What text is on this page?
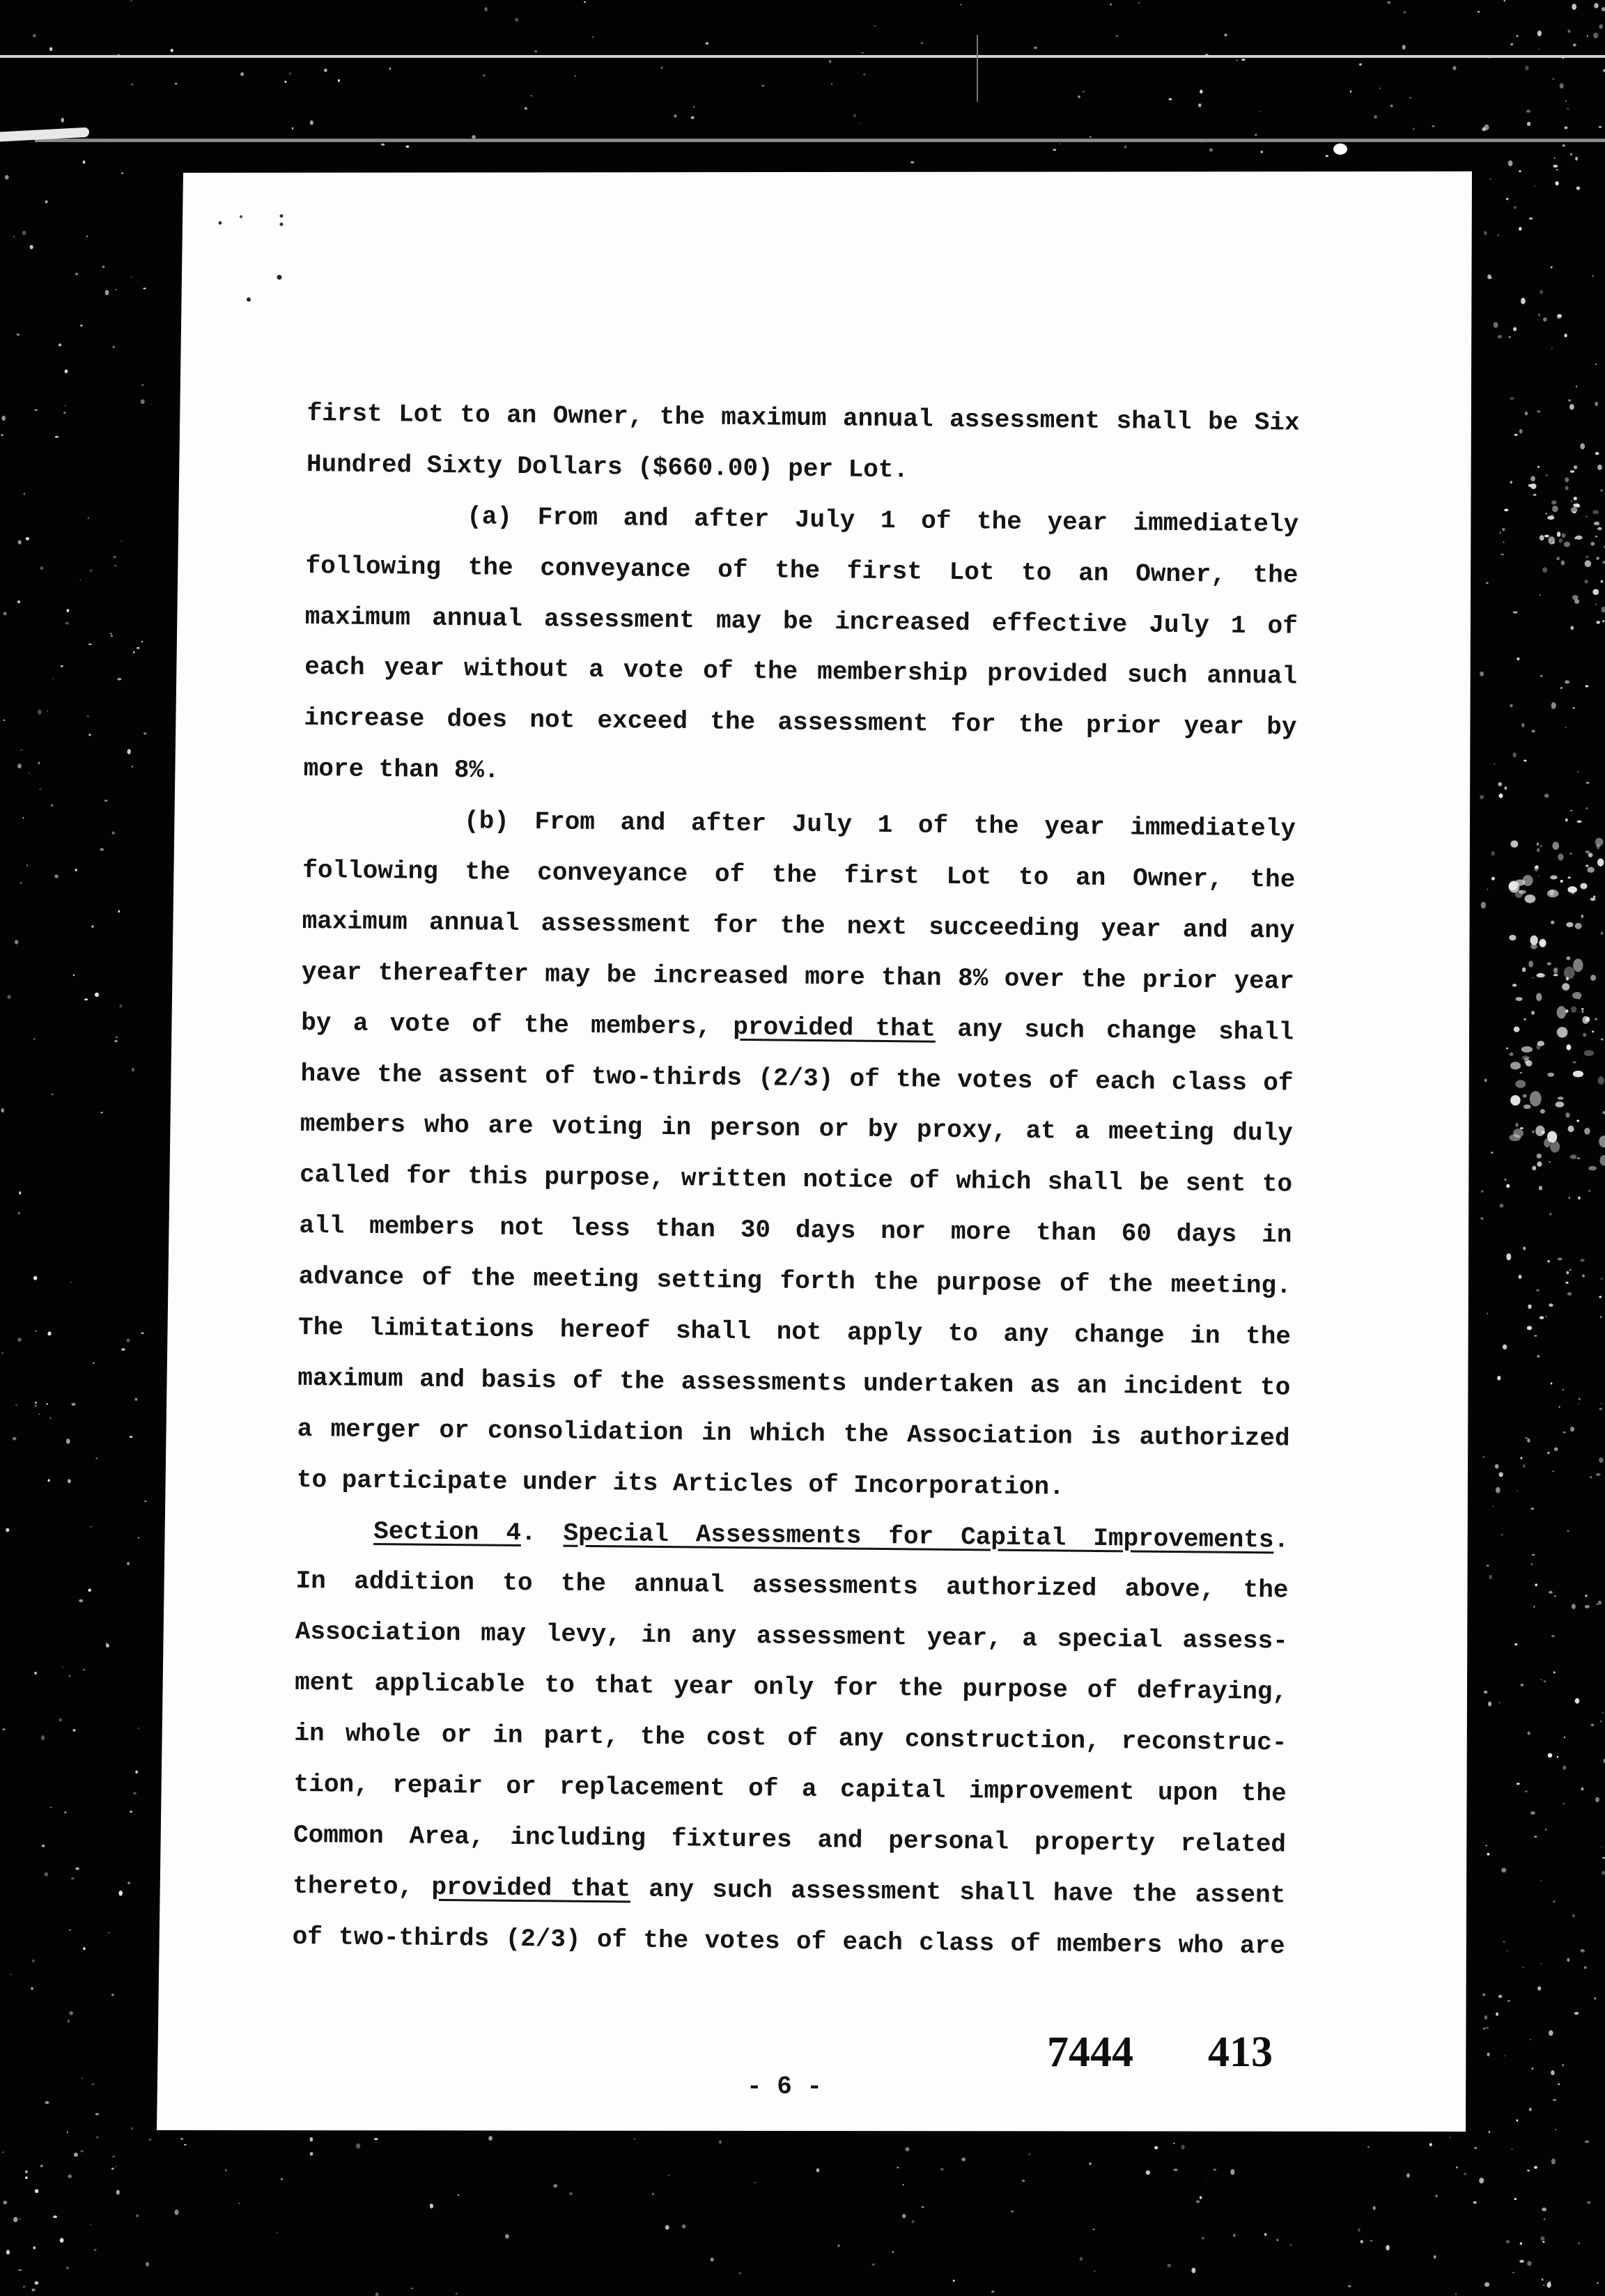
first Lot to an Owner, the maximum annual assessment shall be Six
Hundred Sixty Dollars ($660.00) per Lot.
(a) From and after July 1 of the year immediately
following the conveyance of the first Lot to an Owner, the
maximum annual assessment may be increased effective July 1 of
each year without a vote of the membership provided such annual
increase does not exceed the assessment for the prior year by
more than 8%.
(b) From and after July 1 of the year immediately
following the conveyance of the first Lot to an Owner, the
maximum annual assessment for the next succeeding year and any
year thereafter may be increased more than 8% over the prior year
by a vote of the members, provided that any such change shall
have the assent of two-thirds (2/3) of the votes of each class of
members who are voting in person or by proxy, at a meeting duly
called for this purpose, written notice of which shall be sent to
all members not less than 30 days nor more than 60 days in
advance of the meeting setting forth the purpose of the meeting.
The limitations hereof shall not apply to any change in the
maximum and basis of the assessments undertaken as an incident to
a merger or consolidation in which the Association is authorized
to participate under its Articles of Incorporation.
Section 4. Special Assessments for Capital Improvements.
In addition to the annual assessments authorized above, the
Association may levy, in any assessment year, a special assess-
ment applicable to that year only for the purpose of defraying,
in whole or in part, the cost of any construction, reconstruc-
tion, repair or replacement of a capital improvement upon the
Common Area, including fixtures and personal property related
thereto, provided that any such assessment shall have the assent
of two-thirds (2/3) of the votes of each class of members who are
- 6 -
7444 413
